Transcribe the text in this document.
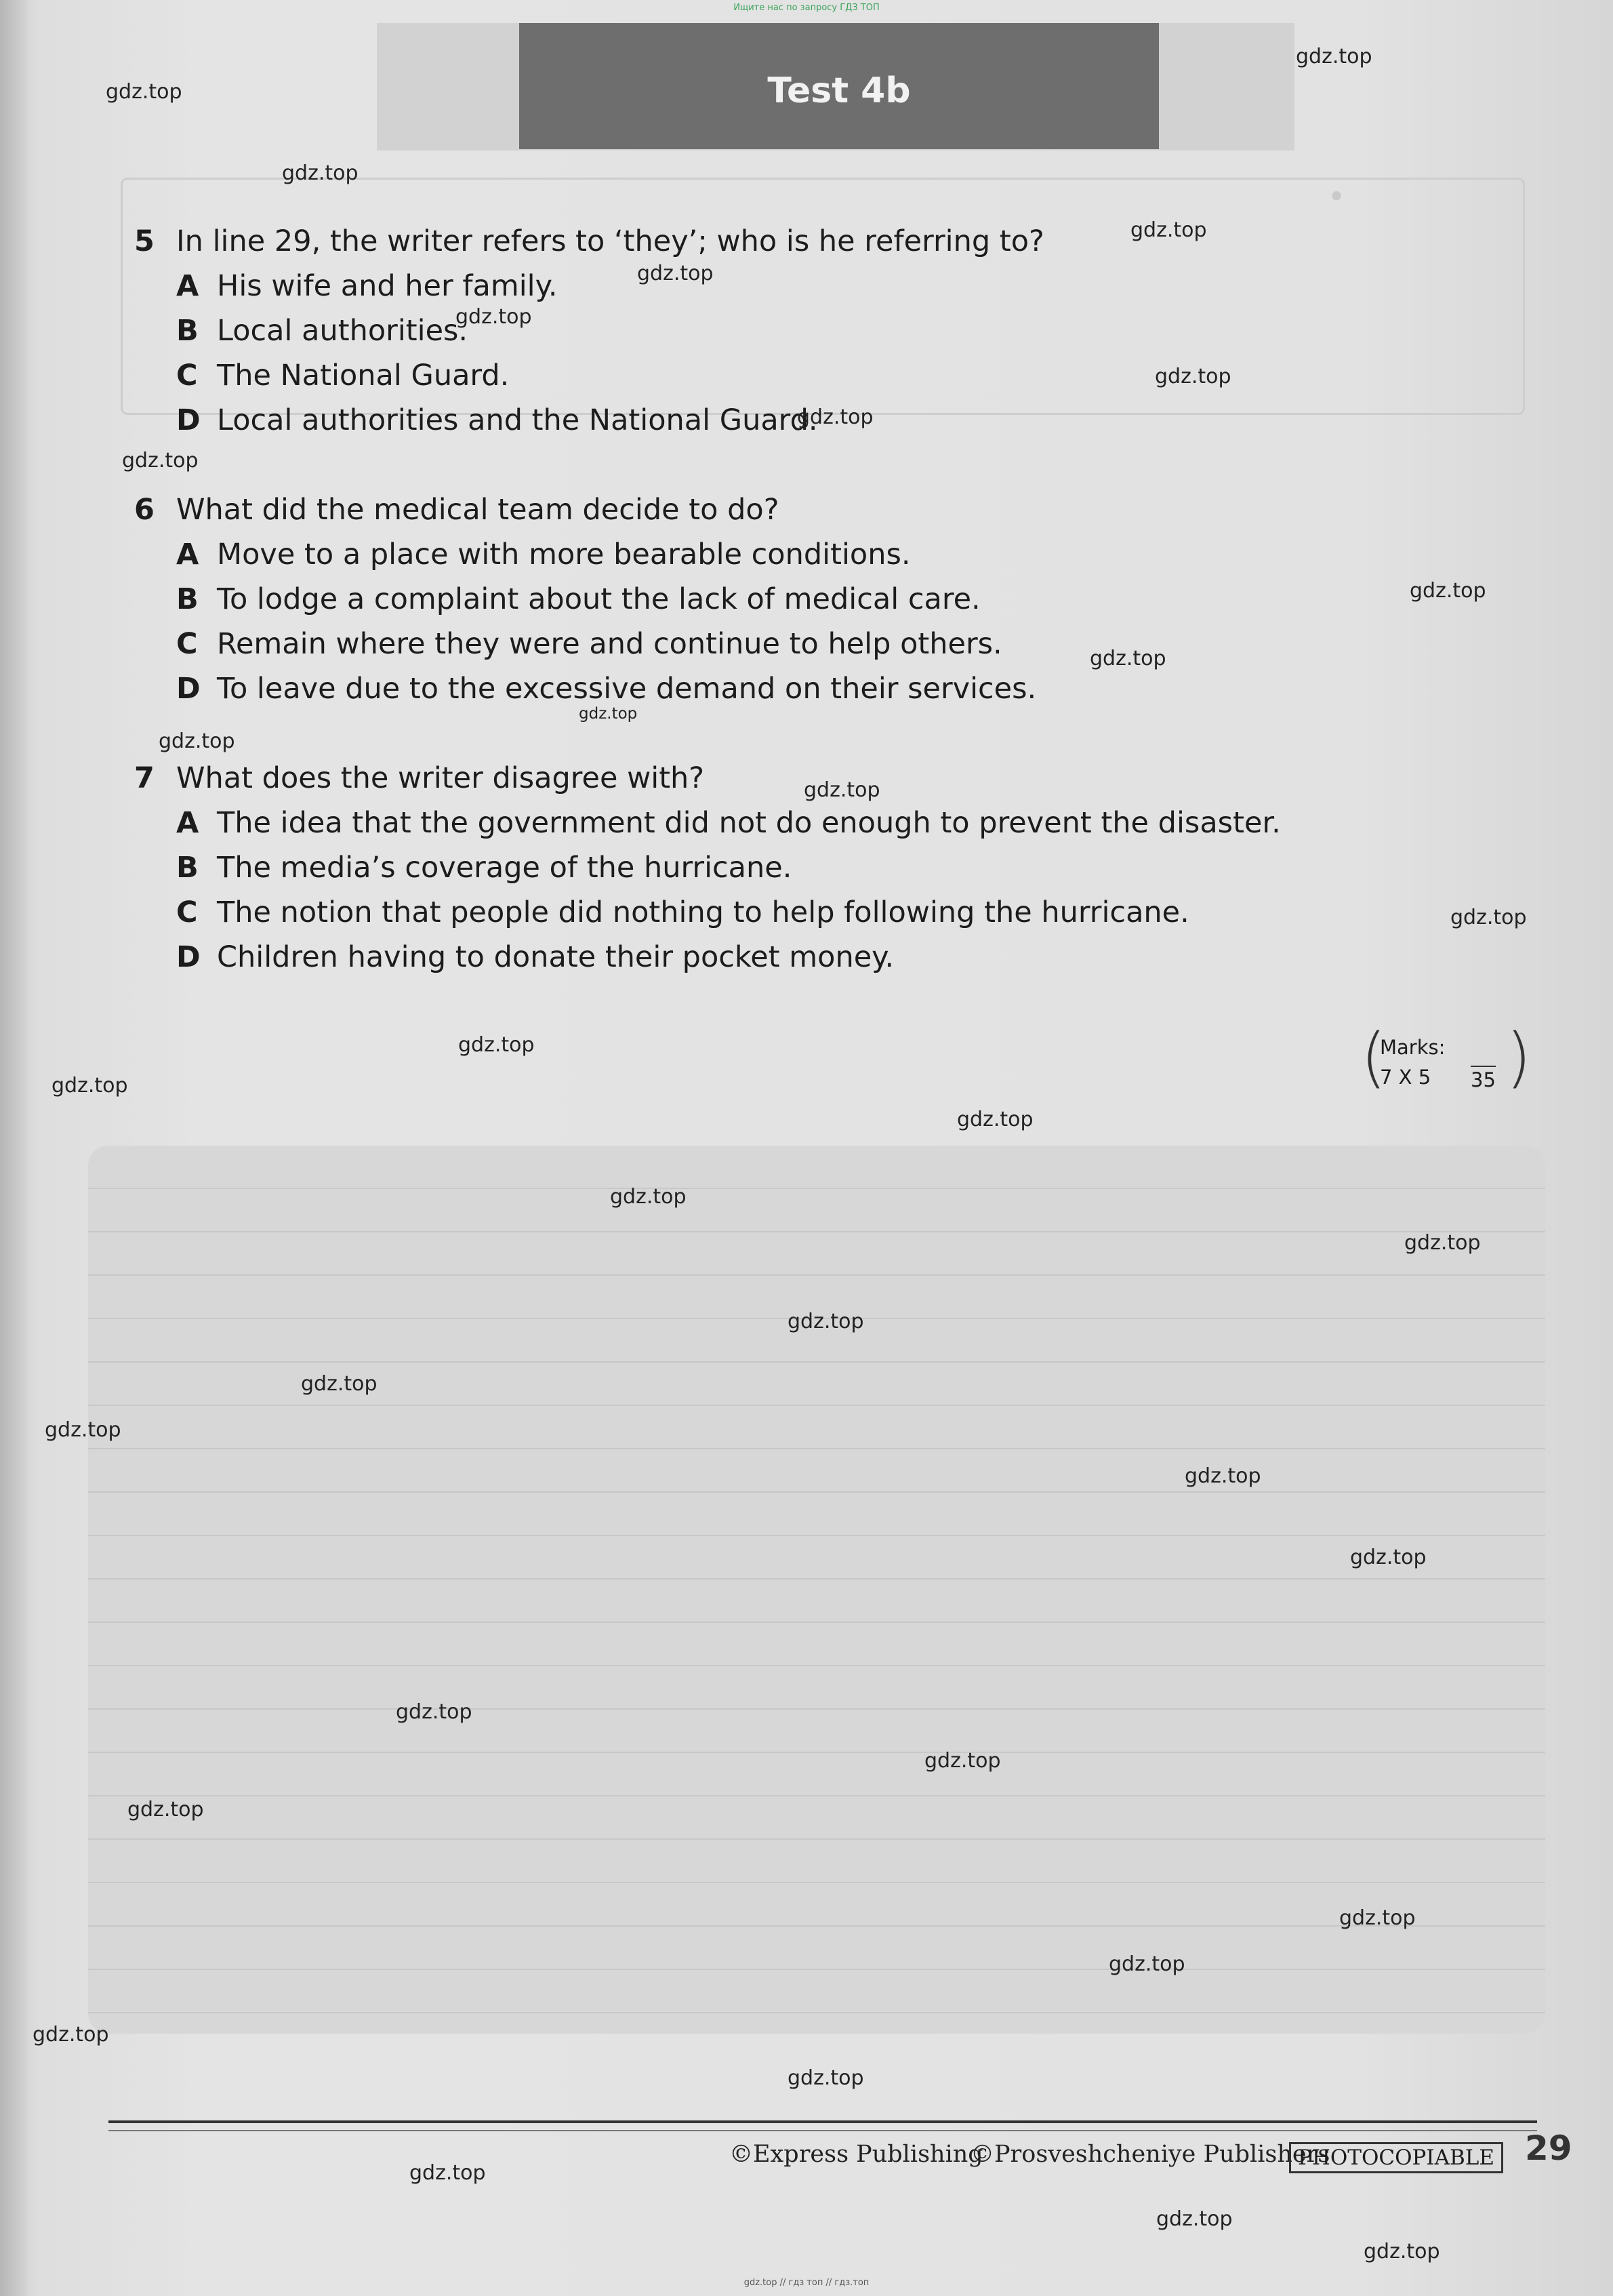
Ищите нас по запросу ГДЗ ТОП
Test 4b
•
5 In line 29, the writer refers to ‘they’; who is he referring to?
A His wife and her family.
B Local authorities.
C The National Guard.
D Local authorities and the National Guard.
6 What did the medical team decide to do?
A Move to a place with more bearable conditions.
B To lodge a complaint about the lack of medical care.
C Remain where they were and continue to help others.
D To leave due to the excessive demand on their services.
7 What does the writer disagree with?
A The idea that the government did not do enough to prevent the disaster.
B The media’s coverage of the hurricane.
C The notion that people did nothing to help following the hurricane.
D Children having to donate their pocket money.
(
Marks:
7 X 5 35 )
©Express Publishing
©Prosveshcheniye Publishers
PHOTOCOPIABLE 29
gdz.top
gdz.top
gdz.top
gdz.top
gdz.top
gdz.top
gdz.top
gdz.top
gdz.top
gdz.top
gdz.top
gdz.top
gdz.top
gdz.top
gdz.top
gdz.top
gdz.top
gdz.top
gdz.top
gdz.top
gdz.top
gdz.top
gdz.top
gdz.top
gdz.top
gdz.top
gdz.top
gdz.top
gdz.top
gdz.top
gdz.top
gdz.top
gdz.top
gdz.top
gdz.top
gdz.top // гдз топ // гдз.топ
